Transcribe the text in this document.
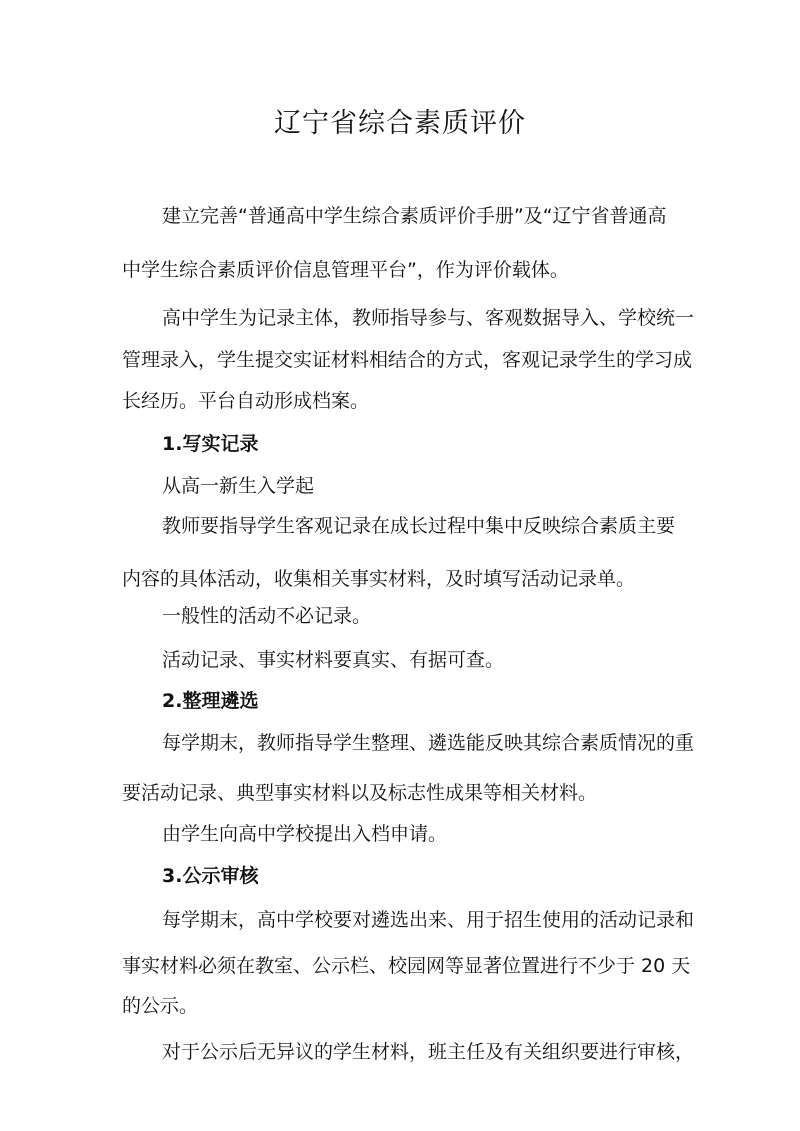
辽宁省综合素质评价

建立完善“普通高中学生综合素质评价手册”及“辽宁省普通高

中学生综合素质评价信息管理平台”，作为评价载体。

高中学生为记录主体，教师指导参与、客观数据导入、学校统一

管理录入，学生提交实证材料相结合的方式，客观记录学生的学习成

长经历。平台自动形成档案。

1.写实记录

从高一新生入学起

教师要指导学生客观记录在成长过程中集中反映综合素质主要

内容的具体活动，收集相关事实材料，及时填写活动记录单。

一般性的活动不必记录。

活动记录、事实材料要真实、有据可查。

2.整理遴选

每学期末，教师指导学生整理、遴选能反映其综合素质情况的重

要活动记录、典型事实材料以及标志性成果等相关材料。

由学生向高中学校提出入档申请。

3.公示审核

每学期末，高中学校要对遴选出来、用于招生使用的活动记录和

事实材料必须在教室、公示栏、校园网等显著位置进行不少于 20 天

的公示。

对于公示后无异议的学生材料，班主任及有关组织要进行审核，
